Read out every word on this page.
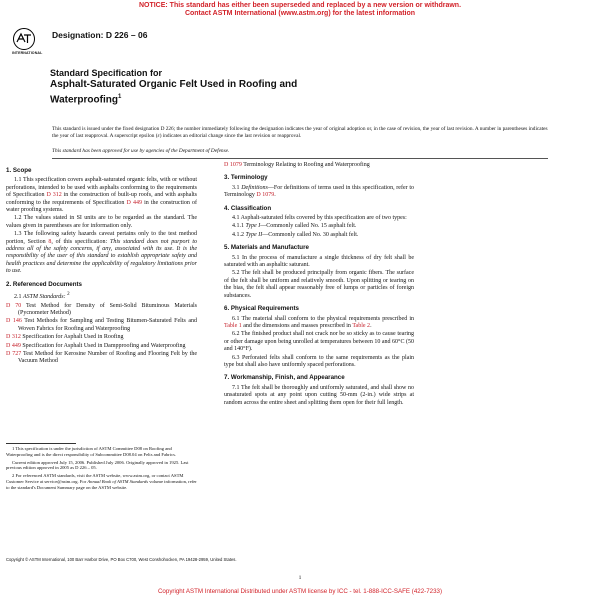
NOTICE: This standard has either been superseded and replaced by a new version or withdrawn.
Contact ASTM International (www.astm.org) for the latest information
INTERNATIONAL
Designation: D 226 – 06
Standard Specification for
Asphalt-Saturated Organic Felt Used in Roofing and
Waterproofing$^1$
This standard is issued under the fixed designation D 226; the number immediately following the designation indicates the year of original adoption or, in the case of revision, the year of last revision. A number in parentheses indicates the year of last reapproval. A superscript epsilon (ε) indicates an editorial change since the last revision or reapproval.
This standard has been approved for use by agencies of the Department of Defense.
1. Scope

1.1 This specification covers asphalt-saturated organic felts, with or without perforations, intended to be used with asphalts conforming to the requirements of Specification D 312 in the construction of built-up roofs, and with asphalts conforming to the requirements of Specification D 449 in the construction of water proofing systems.

1.2 The values stated in SI units are to be regarded as the standard. The values given in parentheses are for information only.

1.3 The following safety hazards caveat pertains only to the test method portion, Section 8, of this specification: This standard does not purport to address all of the safety concerns, if any, associated with its use. It is the responsibility of the user of this standard to establish appropriate safety and health practices and determine the applicability of regulatory limitations prior to use.

2. Referenced Documents

2.1 ASTM Standards: $^2$

D 70 Test Method for Density of Semi-Solid Bituminous Materials (Pycnometer Method)

D 146 Test Methods for Sampling and Testing Bitumen-Saturated Felts and Woven Fabrics for Roofing and Waterproofing

D 312 Specification for Asphalt Used in Roofing

D 449 Specification for Asphalt Used in Dampproofing and Waterproofing

D 727 Test Method for Kerosine Number of Roofing and Flooring Felt by the Vacuum Method

1 This specification is under the jurisdiction of ASTM Committee D08 on Roofing and Waterproofing and is the direct responsibility of Subcommittee D08.04 on Felts and Fabrics.

Current edition approved July 15, 2006. Published July 2006. Originally approved in 1925. Last previous edition approved in 2005 as D 226 – 05.

2 For referenced ASTM standards, visit the ASTM website, www.astm.org, or contact ASTM Customer Service at service@astm.org. For Annual Book of ASTM Standards volume information, refer to the standard's Document Summary page on the ASTM website.

D 1079 Terminology Relating to Roofing and Waterproofing

3. Terminology

3.1 Definitions—For definitions of terms used in this specification, refer to Terminology D 1079.

4. Classification

4.1 Asphalt-saturated felts covered by this specification are of two types:

4.1.1 Type I—Commonly called No. 15 asphalt felt.

4.1.2 Type II—Commonly called No. 30 asphalt felt.

5. Materials and Manufacture

5.1 In the process of manufacture a single thickness of dry felt shall be saturated with an asphaltic saturant.

5.2 The felt shall be produced principally from organic fibers. The surface of the felt shall be uniform and relatively smooth. Upon splitting or tearing on the bias, the felt shall appear reasonably free of lumps or particles of foreign substances.

6. Physical Requirements

6.1 The material shall conform to the physical requirements prescribed in Table 1 and the dimensions and masses prescribed in Table 2.

6.2 The finished product shall not crack nor be so sticky as to cause tearing or other damage upon being unrolled at temperatures between 10 and 60°C (50 and 140°F).

6.3 Perforated felts shall conform to the same requirements as the plain type but shall also have uniformly spaced perforations.

7. Workmanship, Finish, and Appearance

7.1 The felt shall be thoroughly and uniformly saturated, and shall show no unsaturated spots at any point upon cutting 50-mm (2-in.) wide strips at random across the entire sheet and splitting them open for their full length.

Copyright © ASTM International, 100 Barr Harbor Drive, PO Box C700, West Conshohocken, PA 19428-2959, United States.
1
Copyright ASTM International Distributed under ASTM license by ICC - tel. 1-888-ICC-SAFE (422-7233)
